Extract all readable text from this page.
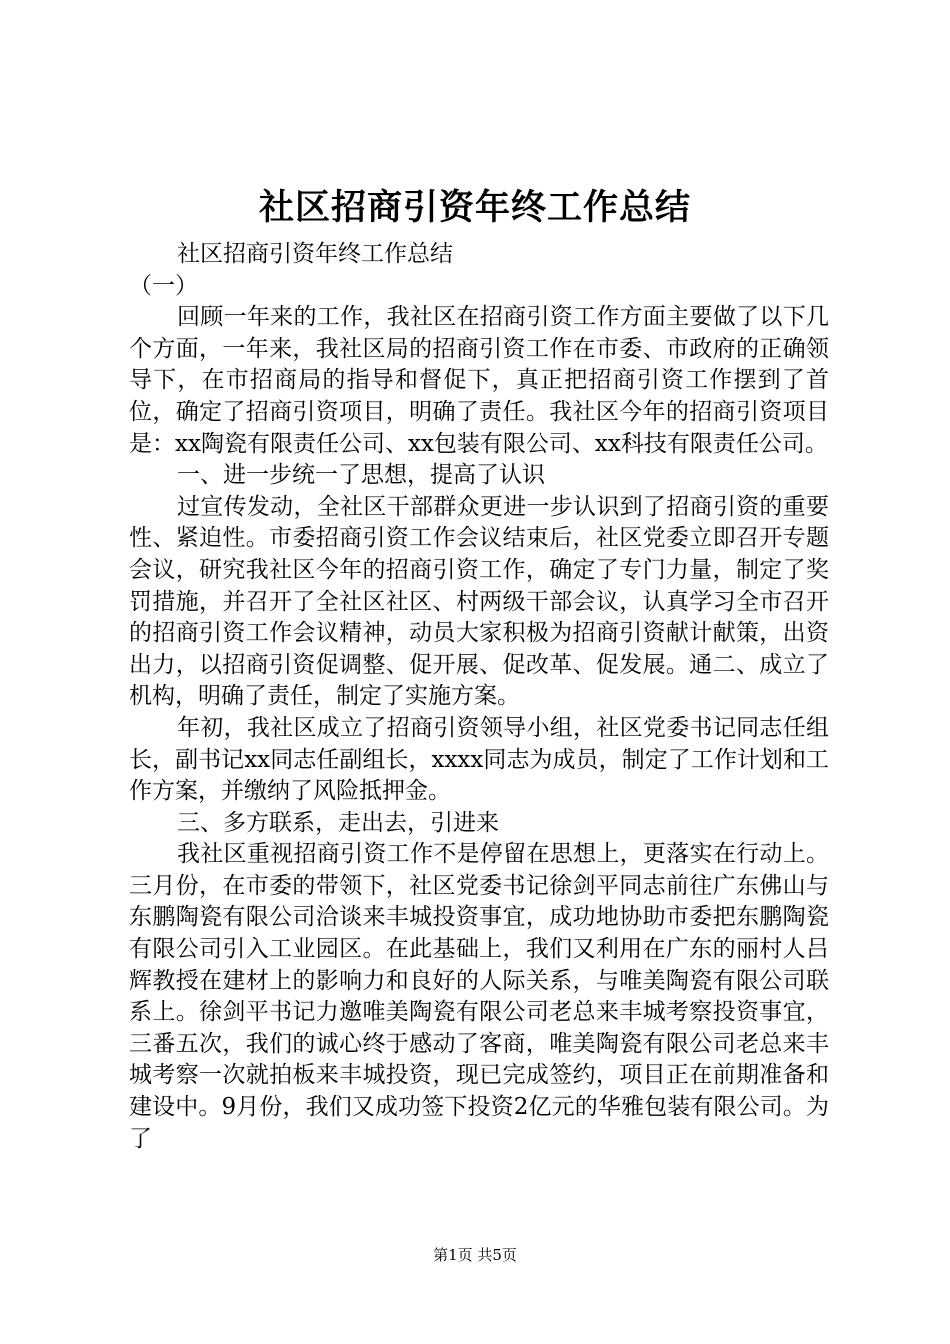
社区招商引资年终工作总结

社区招商引资年终工作总结

（一）

回顾一年来的工作，我社区在招商引资工作方面主要做了以下几个方面，一年来，我社区局的招商引资工作在市委、市政府的正确领导下，在市招商局的指导和督促下，真正把招商引资工作摆到了首位，确定了招商引资项目，明确了责任。我社区今年的招商引资项目是：xx陶瓷有限责任公司、xx包装有限公司、xx科技有限责任公司。

一、进一步统一了思想，提高了认识

过宣传发动，全社区干部群众更进一步认识到了招商引资的重要性、紧迫性。市委招商引资工作会议结束后，社区党委立即召开专题会议，研究我社区今年的招商引资工作，确定了专门力量，制定了奖罚措施，并召开了全社区社区、村两级干部会议，认真学习全市召开的招商引资工作会议精神，动员大家积极为招商引资献计献策，出资出力，以招商引资促调整、促开展、促改革、促发展。通二、成立了机构，明确了责任，制定了实施方案。

年初，我社区成立了招商引资领导小组，社区党委书记同志任组长，副书记xx同志任副组长，xxxx同志为成员，制定了工作计划和工作方案，并缴纳了风险抵押金。

三、多方联系，走出去，引进来

我社区重视招商引资工作不是停留在思想上，更落实在行动上。三月份，在市委的带领下，社区党委书记徐剑平同志前往广东佛山与东鹏陶瓷有限公司洽谈来丰城投资事宜，成功地协助市委把东鹏陶瓷有限公司引入工业园区。在此基础上，我们又利用在广东的丽村人吕辉教授在建材上的影响力和良好的人际关系，与唯美陶瓷有限公司联系上。徐剑平书记力邀唯美陶瓷有限公司老总来丰城考察投资事宜，三番五次，我们的诚心终于感动了客商，唯美陶瓷有限公司老总来丰城考察一次就拍板来丰城投资，现已完成签约，项目正在前期准备和建设中。9月份，我们又成功签下投资2亿元的华雅包装有限公司。为了

第1页 共5页
